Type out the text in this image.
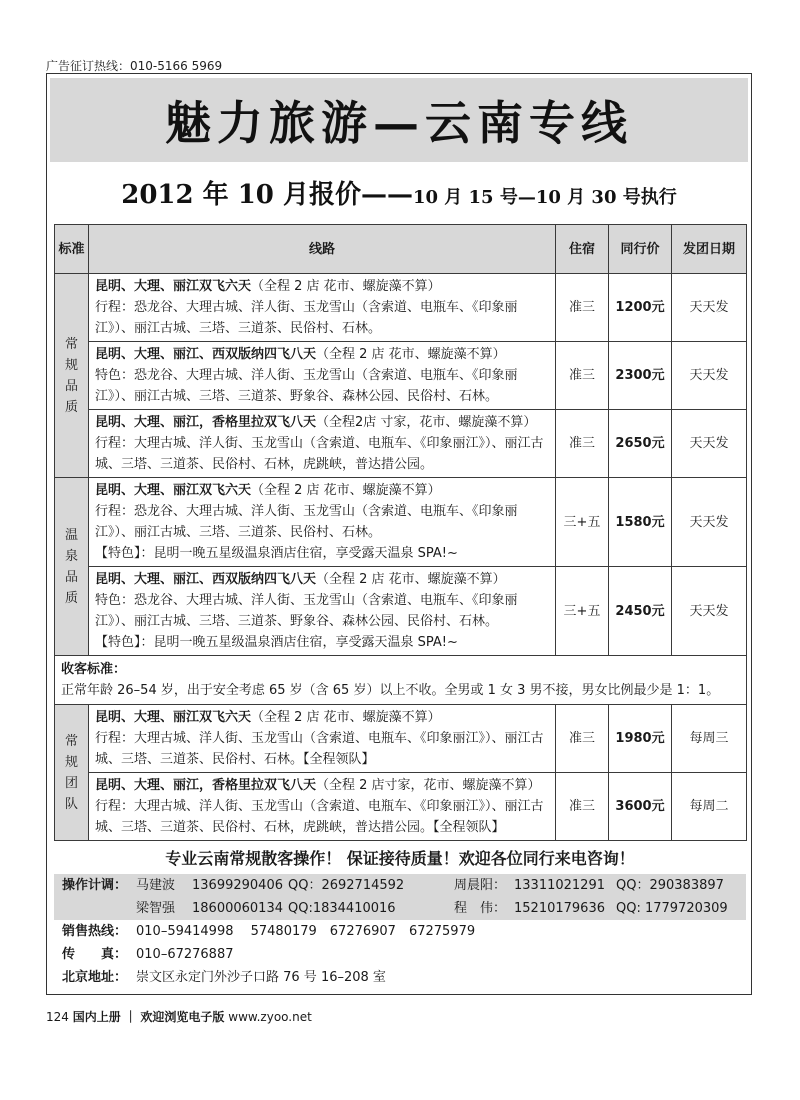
广告征订热线：010-5166 5969
魅力旅游—云南专线
2012 年 10 月报价——10 月 15 号—10 月 30 号执行
标准	线路	住宿	同行价	发团日期

常
规
品
质	昆明、大理、丽江双飞六天（全程 2 店 花市、螺旋藻不算）
行程：恐龙谷、大理古城、洋人街、玉龙雪山（含索道、电瓶车、《印象丽江》）、丽江古城、三塔、三道茶、民俗村、石林。	准三	1200元	天天发

	昆明、大理、丽江、西双版纳四飞八天（全程 2 店 花市、螺旋藻不算）
特色：恐龙谷、大理古城、洋人街、玉龙雪山（含索道、电瓶车、《印象丽江》）、丽江古城、三塔、三道茶、野象谷、森林公园、民俗村、石林。	准三	2300元	天天发

	昆明、大理、丽江，香格里拉双飞八天（全程2店 寸家，花市、螺旋藻不算）
行程：大理古城、洋人街、玉龙雪山（含索道、电瓶车、《印象丽江》）、丽江古城、三塔、三道茶、民俗村、石林，虎跳峡，普达措公园。	准三	2650元	天天发

温
泉
品
质	昆明、大理、丽江双飞六天（全程 2 店 花市、螺旋藻不算）
行程：恐龙谷、大理古城、洋人街、玉龙雪山（含索道、电瓶车、《印象丽江》）、丽江古城、三塔、三道茶、民俗村、石林。
【特色】：昆明一晚五星级温泉酒店住宿，享受露天温泉 SPA!~	三+五	1580元	天天发

	昆明、大理、丽江、西双版纳四飞八天（全程 2 店 花市、螺旋藻不算）
特色：恐龙谷、大理古城、洋人街、玉龙雪山（含索道、电瓶车、《印象丽江》）、丽江古城、三塔、三道茶、野象谷、森林公园、民俗村、石林。
【特色】：昆明一晚五星级温泉酒店住宿，享受露天温泉 SPA!~	三+五	2450元	天天发

收客标准：
正常年龄 26–54 岁，出于安全考虑 65 岁（含 65 岁）以上不收。全男或 1 女 3 男不接，男女比例最少是 1：1。				

常
规
团
队	昆明、大理、丽江双飞六天（全程 2 店 花市、螺旋藻不算）
行程：大理古城、洋人街、玉龙雪山（含索道、电瓶车、《印象丽江》）、丽江古城、三塔、三道茶、民俗村、石林。【全程领队】	准三	1980元	每周三

	昆明、大理、丽江，香格里拉双飞八天（全程 2 店寸家，花市、螺旋藻不算）
行程：大理古城、洋人街、玉龙雪山（含索道、电瓶车、《印象丽江》）、丽江古城、三塔、三道茶、民俗村、石林，虎跳峡，普达措公园。【全程领队】	准三	3600元	每周二
专业云南常规散客操作！ 保证接待质量！欢迎各位同行来电咨询！
操作计调： 马建波 13699290406 QQ：2692714592	周晨阳： 13311021291 QQ：290383897
梁智强 18600060134 QQ:1834410016	程　伟： 15210179636 QQ: 1779720309
销售热线： 010–59414998　 57480179　67276907　67275979
传　　真： 010–67276887
北京地址： 崇文区永定门外沙子口路 76 号 16–208 室
124 国内上册 ｜ 欢迎浏览电子版 www.zyoo.net
